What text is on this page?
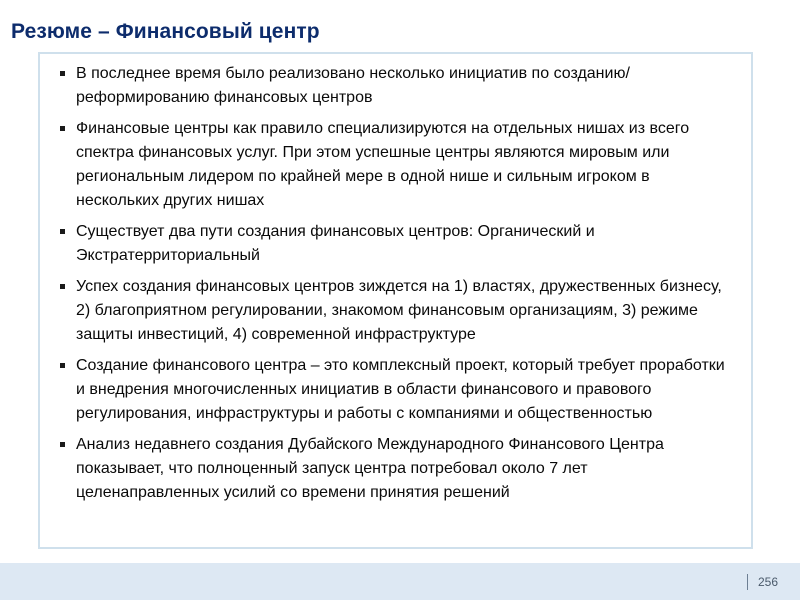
Резюме – Финансовый центр
В последнее время было реализовано несколько инициатив по созданию/реформированию финансовых центров
Финансовые центры как правило специализируются на отдельных нишах из всего спектра финансовых услуг. При этом успешные центры являются мировым или региональным лидером по крайней мере в одной нише и сильным игроком в нескольких других нишах
Существует два пути создания финансовых центров: Органический и Экстратерриториальный
Успех создания финансовых центров зиждется на 1) властях, дружественных бизнесу, 2) благоприятном регулировании, знакомом финансовым организациям, 3) режиме защиты инвестиций, 4) современной инфраструктуре
Создание финансового центра – это комплексный проект, который требует проработки и внедрения многочисленных инициатив в области финансового и правового регулирования, инфраструктуры и работы с компаниями и общественностью
Анализ недавнего создания Дубайского Международного Финансового Центра показывает, что полноценный запуск центра потребовал около 7 лет целенаправленных усилий со времени принятия решений
256
